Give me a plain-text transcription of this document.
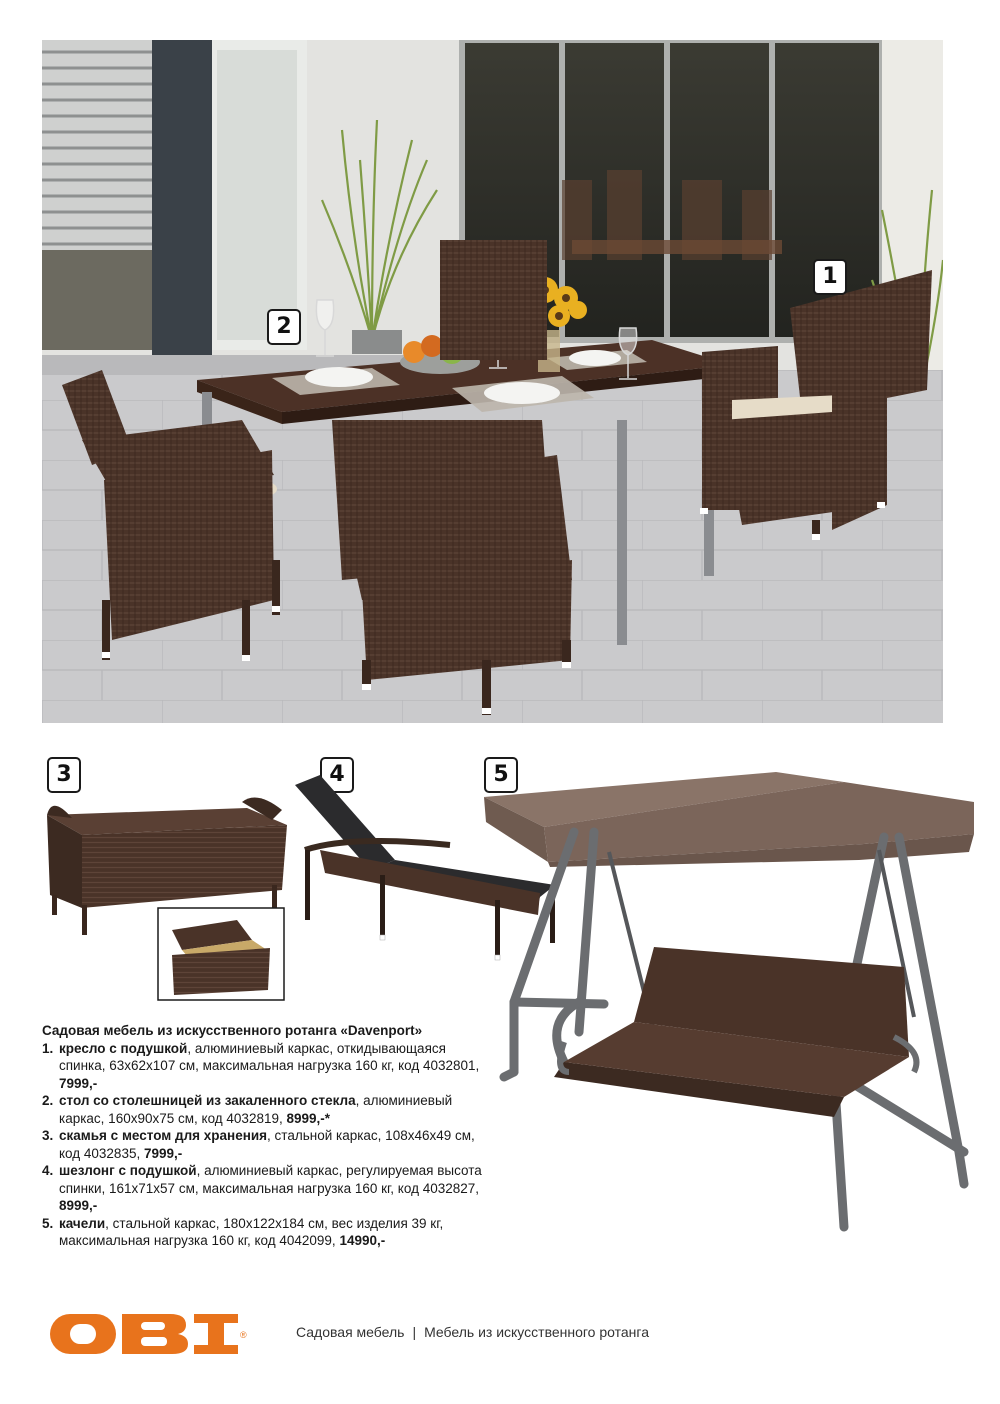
1
2
3	4	5
Садовая мебель из искусственного ротанга «Davenport»
1. кресло с подушкой, алюминиевый каркас, откидывающаяся спинка, 63x62x107 см, максимальная нагрузка 160 кг, код 4032801, 7999,-
2. стол со столешницей из закаленного стекла, алюминиевый каркас, 160x90x75 см, код 4032819, 8999,-*
3. скамья с местом для хранения, стальной каркас, 108x46x49 см, код 4032835, 7999,-
4. шезлонг с подушкой, алюминиевый каркас, регулируемая высота спинки, 161x71x57 см, максимальная нагрузка 160 кг, код 4032827, 8999,-
5. качели, стальной каркас, 180x122x184 см, вес изделия 39 кг, максимальная нагрузка 160 кг, код 4042099, 14990,-
®	Садовая мебель | Мебель из искусственного ротанга
